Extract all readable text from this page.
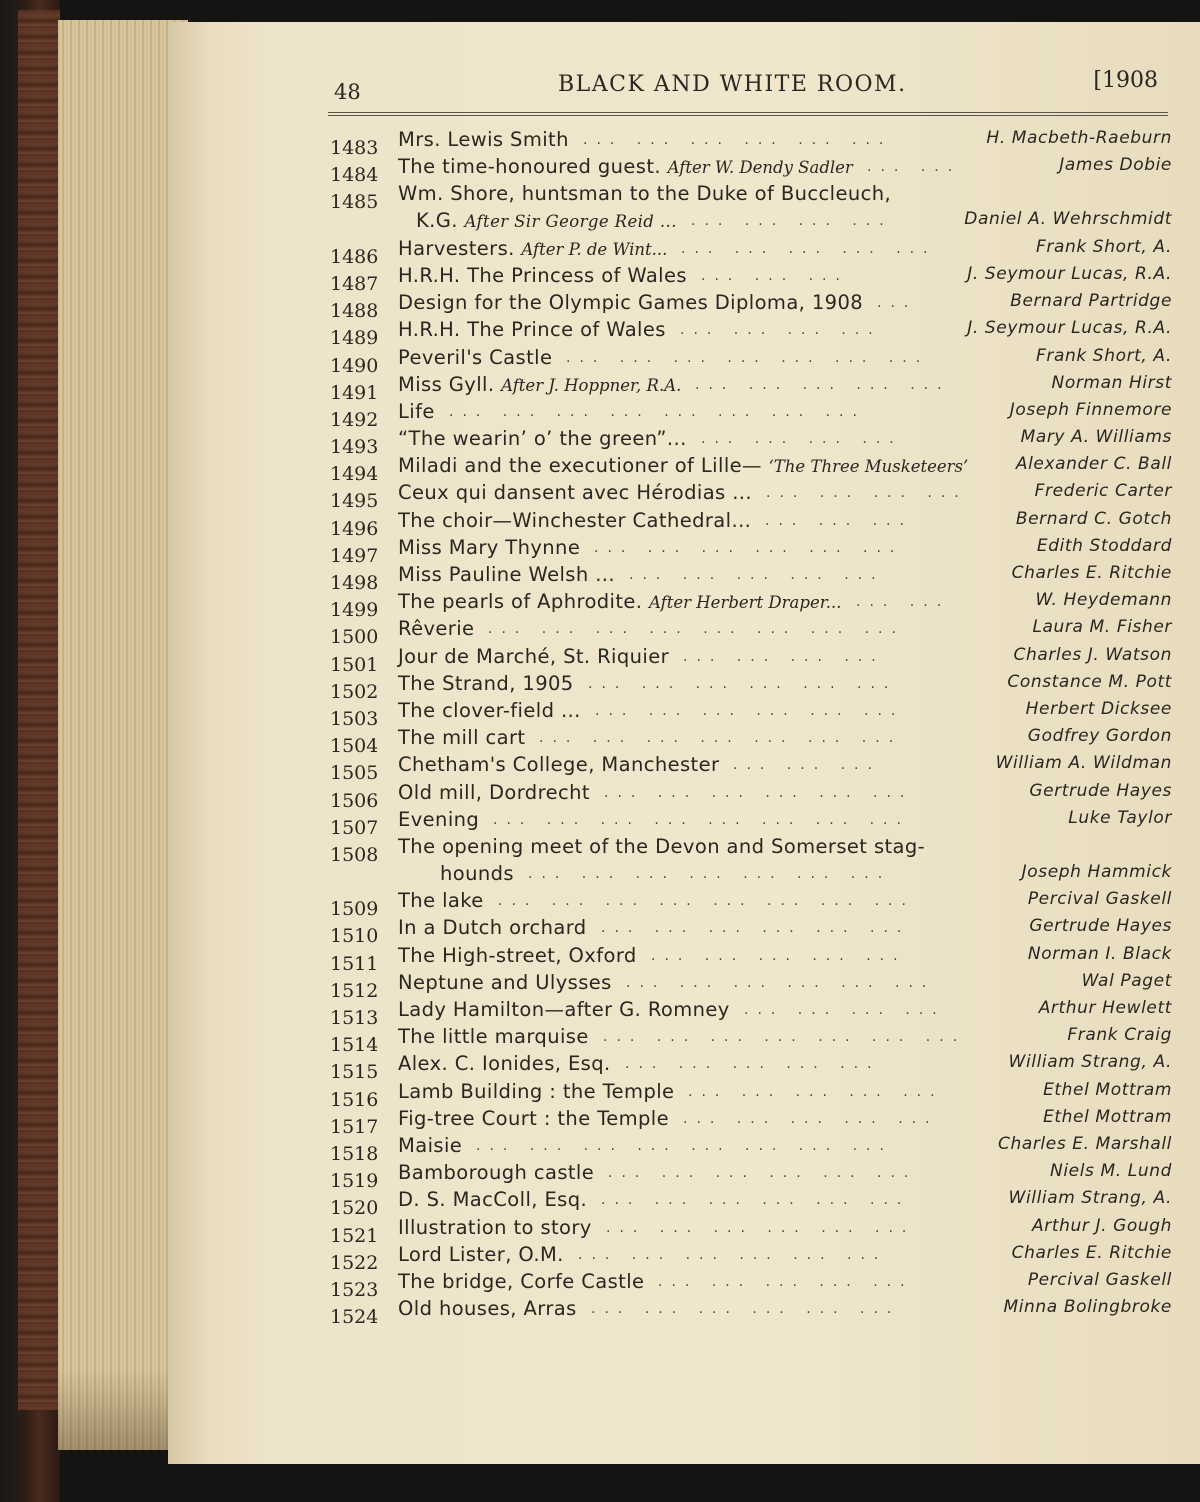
48	BLACK AND WHITE ROOM.	[1908
1483 Mrs. Lewis Smith	H. Macbeth-Raeburn
... ... ... ... ... ...
1484 The time-honoured guest. After W. Dendy Sadler	James Dobie
... ...
1485 Wm. Shore, huntsman to the Duke of Buccleuch,
K.G. After Sir George Reid ...	Daniel A. Wehrschmidt
... ... ... ...
1486 Harvesters. After P. de Wint...	Frank Short, A.
... ... ... ... ...
1487 H.R.H. The Princess of Wales	J. Seymour Lucas, R.A.
... ... ...
1488 Design for the Olympic Games Diploma, 1908	Bernard Partridge
...
1489 H.R.H. The Prince of Wales	J. Seymour Lucas, R.A.
... ... ... ...
1490 Peveril's Castle	Frank Short, A.
... ... ... ... ... ... ...
1491 Miss Gyll. After J. Hoppner, R.A.	Norman Hirst
... ... ... ... ...
1492 Life	Joseph Finnemore
... ... ... ... ... ... ... ...
1493 “The wearin’ o’ the green”...	Mary A. Williams
... ... ... ...
1494 Miladi and the executioner of Lille— ‘The Three Musketeers’	Alexander C. Ball
1495 Ceux qui dansent avec Hérodias ...	Frederic Carter
... ... ... ...
1496 The choir—Winchester Cathedral...	Bernard C. Gotch
... ... ...
1497 Miss Mary Thynne	Edith Stoddard
... ... ... ... ... ...
1498 Miss Pauline Welsh ...	Charles E. Ritchie
... ... ... ... ...
1499 The pearls of Aphrodite. After Herbert Draper...	W. Heydemann
... ...
1500 Rêverie	Laura M. Fisher
... ... ... ... ... ... ... ...
1501 Jour de Marché, St. Riquier	Charles J. Watson
... ... ... ...
1502 The Strand, 1905	Constance M. Pott
... ... ... ... ... ...
1503 The clover-field ...	Herbert Dicksee
... ... ... ... ... ...
1504 The mill cart	Godfrey Gordon
... ... ... ... ... ... ...
1505 Chetham's College, Manchester	William A. Wildman
... ... ...
1506 Old mill, Dordrecht	Gertrude Hayes
... ... ... ... ... ...
1507 Evening	Luke Taylor
... ... ... ... ... ... ... ...
1508 The opening meet of the Devon and Somerset stag-
hounds	Joseph Hammick
... ... ... ... ... ... ...
1509 The lake	Percival Gaskell
... ... ... ... ... ... ... ...
1510 In a Dutch orchard	Gertrude Hayes
... ... ... ... ... ...
1511 The High-street, Oxford	Norman I. Black
... ... ... ... ...
1512 Neptune and Ulysses	Wal Paget
... ... ... ... ... ...
1513 Lady Hamilton—after G. Romney	Arthur Hewlett
... ... ... ...
1514 The little marquise	Frank Craig
... ... ... ... ... ... ...
1515 Alex. C. Ionides, Esq.	William Strang, A.
... ... ... ... ...
1516 Lamb Building : the Temple	Ethel Mottram
... ... ... ... ...
1517 Fig-tree Court : the Temple	Ethel Mottram
... ... ... ... ...
1518 Maisie	Charles E. Marshall
... ... ... ... ... ... ... ...
1519 Bamborough castle	Niels M. Lund
... ... ... ... ... ...
1520 D. S. MacColl, Esq.	William Strang, A.
... ... ... ... ... ...
1521 Illustration to story	Arthur J. Gough
... ... ... ... ... ...
1522 Lord Lister, O.M.	Charles E. Ritchie
... ... ... ... ... ...
1523 The bridge, Corfe Castle	Percival Gaskell
... ... ... ... ...
1524 Old houses, Arras	Minna Bolingbroke
... ... ... ... ... ...
